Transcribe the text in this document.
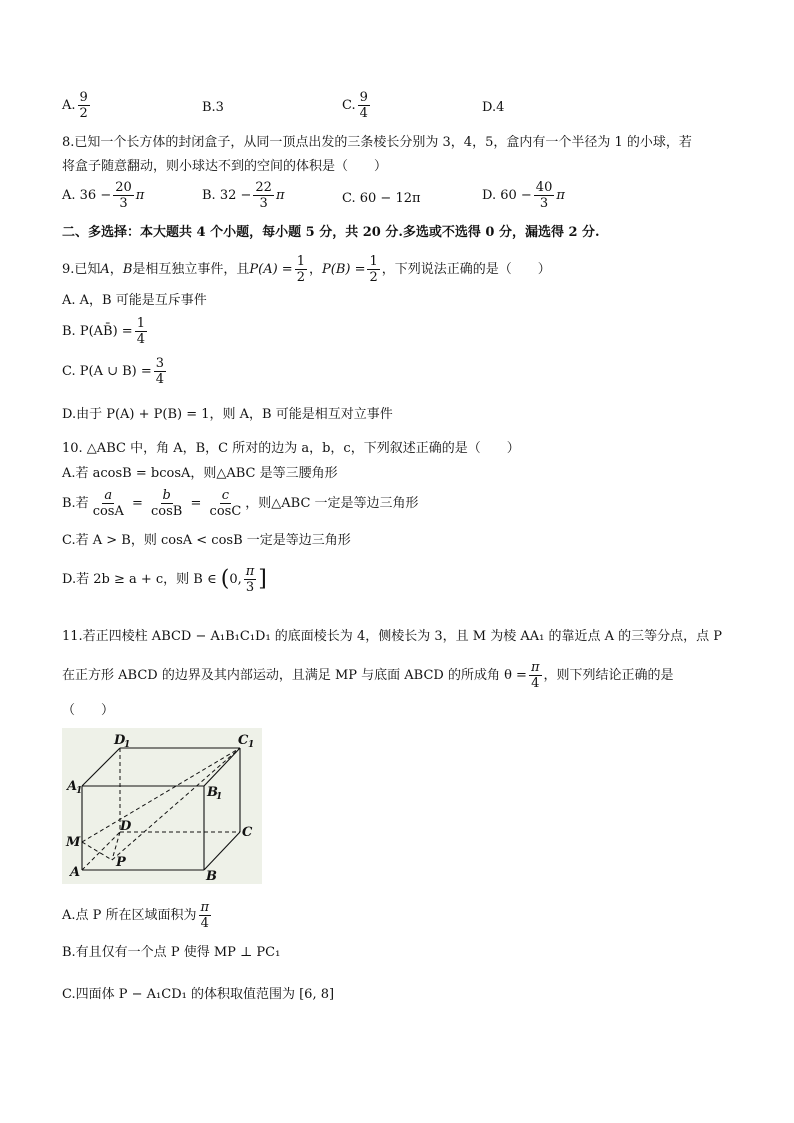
A. $\frac{9}{2}$	B.3	C. $\frac{9}{4}$	D.4
8.已知一个长方体的封闭盒子，从同一顶点出发的三条棱长分别为 3，4，5，盒内有一个半径为 1 的小球，若
将盒子随意翻动，则小球达不到的空间的体积是（　　）
A. $36 - \frac{20}{3}$ π	B. $32 - \frac{22}{3}$ π	C. 60 − 12π	D. $60 - \frac{40}{3}$ π
二、多选择：本大题共 4 个小题，每小题 5 分，共 20 分.多选或不选得 0 分，漏选得 2 分.
9.已知A，B是相互独立事件，且$P(A) = \frac{1}{2}$ ，$P(B) = \frac{1}{2}$ ，下列说法正确的是（　　）
A. A，B 可能是互斥事件
B. P(AB̄) = $\frac{1}{4}$
C. P(A ∪ $B) = \frac{3}{4}$
D.由于 P(A) + P(B) = 1，则 A，B 可能是相互对立事件
10. △ABC 中，角 A，B，C 所对的边为 a，b，c，下列叙述正确的是（　　）
A.若 acosB = bcosA，则△ABC 是等三腰角形
B.若 $\frac{a}{\cos A} = \frac{b}{\cos B} = \frac{c}{\cos C}$ ，则△ABC 一定是等边三角形
C.若 A > B，则 cosA < cosB 一定是等边三角形
D.若 2b ≥ a + c，则 B ∈ (0, $\frac{\pi}{3}$ ]
11.若正四棱柱 ABCD − A₁B₁C₁D₁ 的底面棱长为 4，侧棱长为 3，且 M 为棱 AA₁ 的靠近点 A 的三等分点，点 P
在正方形 ABCD 的边界及其内部运动，且满足 MP 与底面 ABCD 的所成角 $\theta = \frac{\pi}{4}$ ，则下列结论正确的是
（　　）
D
1	C 1
A
1	B
1
D	C
M
P
A	B
A.点 P 所在区域面积为 $\frac{\pi}{4}$
B.有且仅有一个点 P 使得 MP ⊥ PC₁
C.四面体 P − A₁CD₁ 的体积取值范围为 [6, 8]
